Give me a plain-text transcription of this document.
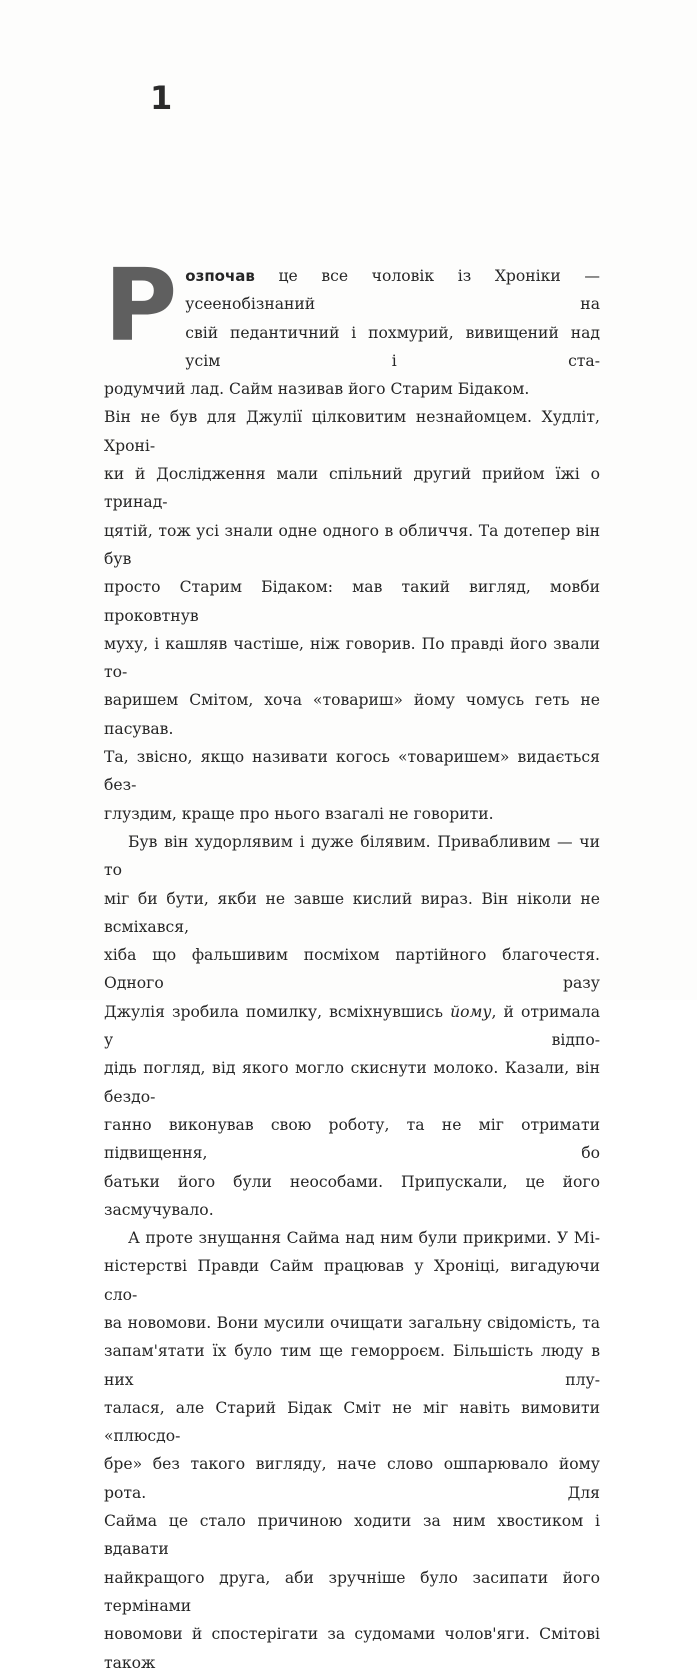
1

Р озпочав це все чоловік із Хроніки — усеенобізнаний на
свій педантичний і похмурий, вивищений над усім і ста-
родумчий лад. Сайм називав його Старим Бідаком.
Він не був для Джулії цілковитим незнайомцем. Худліт, Хроні-
ки й Дослідження мали спільний другий прийом їжі о тринад-
цятій, тож усі знали одне одного в обличчя. Та дотепер він був
просто Старим Бідаком: мав такий вигляд, мовби проковтнув
муху, і кашляв частіше, ніж говорив. По правді його звали то-
варишем Смітом, хоча «товариш» йому чомусь геть не пасував.
Та, звісно, якщо називати когось «товаришем» видається без-
глуздим, краще про нього взагалі не говорити.

Був він худорлявим і дуже білявим. Привабливим — чи то
міг би бути, якби не завше кислий вираз. Він ніколи не всміхався,
хіба що фальшивим посміхом партійного благочестя. Одного разу
Джулія зробила помилку, всміхнувшись йому, й отримала у відпо-
дідь погляд, від якого могло скиснути молоко. Казали, він бездо-
ганно виконував свою роботу, та не міг отримати підвищення, бо
батьки його були неособами. Припускали, це його засмучувало.

А проте знущання Сайма над ним були прикрими. У Мі-
ністерстві Правди Сайм працював у Хроніці, вигадуючи сло-
ва новомови. Вони мусили очищати загальну свідомість, та
запам'ятати їх було тим ще геморроєм. Більшість люду в них плу-
талася, але Старий Бідак Сміт не міг навіть вимовити «плюсдо-
бре» без такого вигляду, наче слово ошпарювало йому рота. Для
Сайма це стало причиною ходити за ним хвостиком і вдавати
найкращого друга, аби зручніше було засипати його термінами
новомови й спостерігати за судомами чолов'яги. Смітові також
